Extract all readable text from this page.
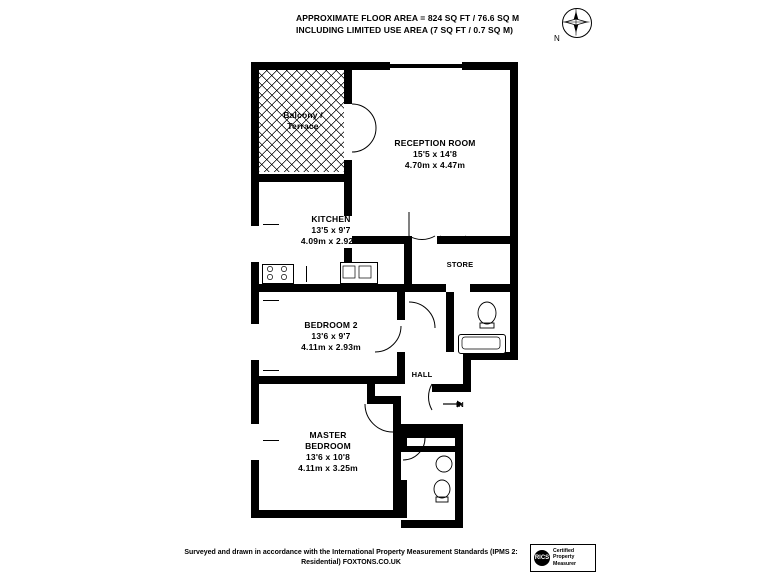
APPROXIMATE FLOOR AREA = 824 SQ FT / 76.6 SQ M
INCLUDING LIMITED USE AREA (7 SQ FT / 0.7 SQ M)
N
Balcony /
Terrace
RECEPTION ROOM
15'5 x 14'8
4.70m x 4.47m
KITCHEN
13'5 x 9'7
4.09m x 2.92m
STORE
BEDROOM 2
13'6 x 9'7
4.11m x 2.93m
HALL
IN
STORE
MASTER
BEDROOM
13'6 x 10'8
4.11m x 3.25m
Surveyed and drawn in accordance with the International Property Measurement Standards (IPMS 2:
Residential) FOXTONS.CO.UK
RICS
Certified
Property
Measurer
